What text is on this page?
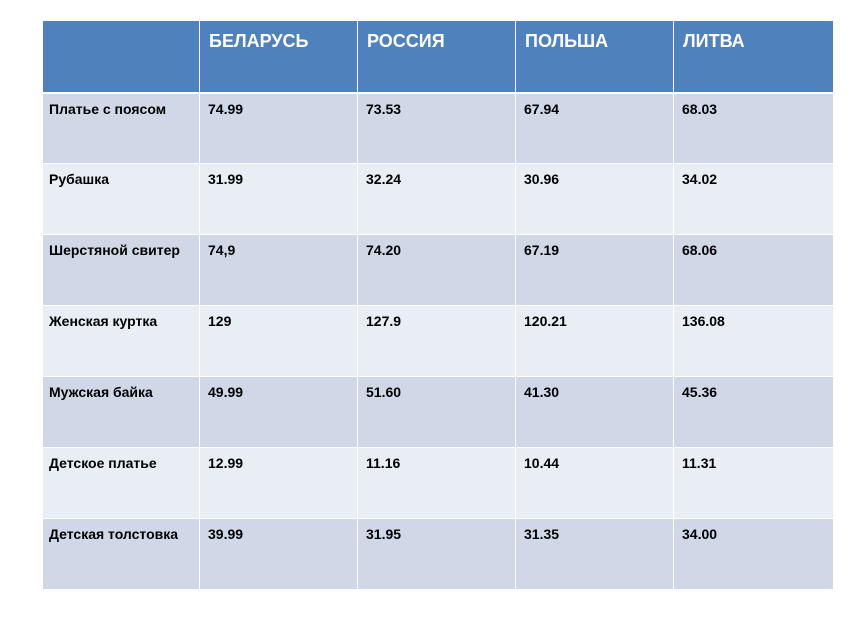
	БЕЛАРУСЬ	РОССИЯ	ПОЛЬША	ЛИТВА
Платье с поясом	74.99	73.53	67.94	68.03
Рубашка	31.99	32.24	30.96	34.02
Шерстяной свитер	74,9	74.20	67.19	68.06
Женская куртка	129	127.9	120.21	136.08
Мужская байка	49.99	51.60	41.30	45.36
Детское платье	12.99	11.16	10.44	11.31
Детская толстовка	39.99	31.95	31.35	34.00
